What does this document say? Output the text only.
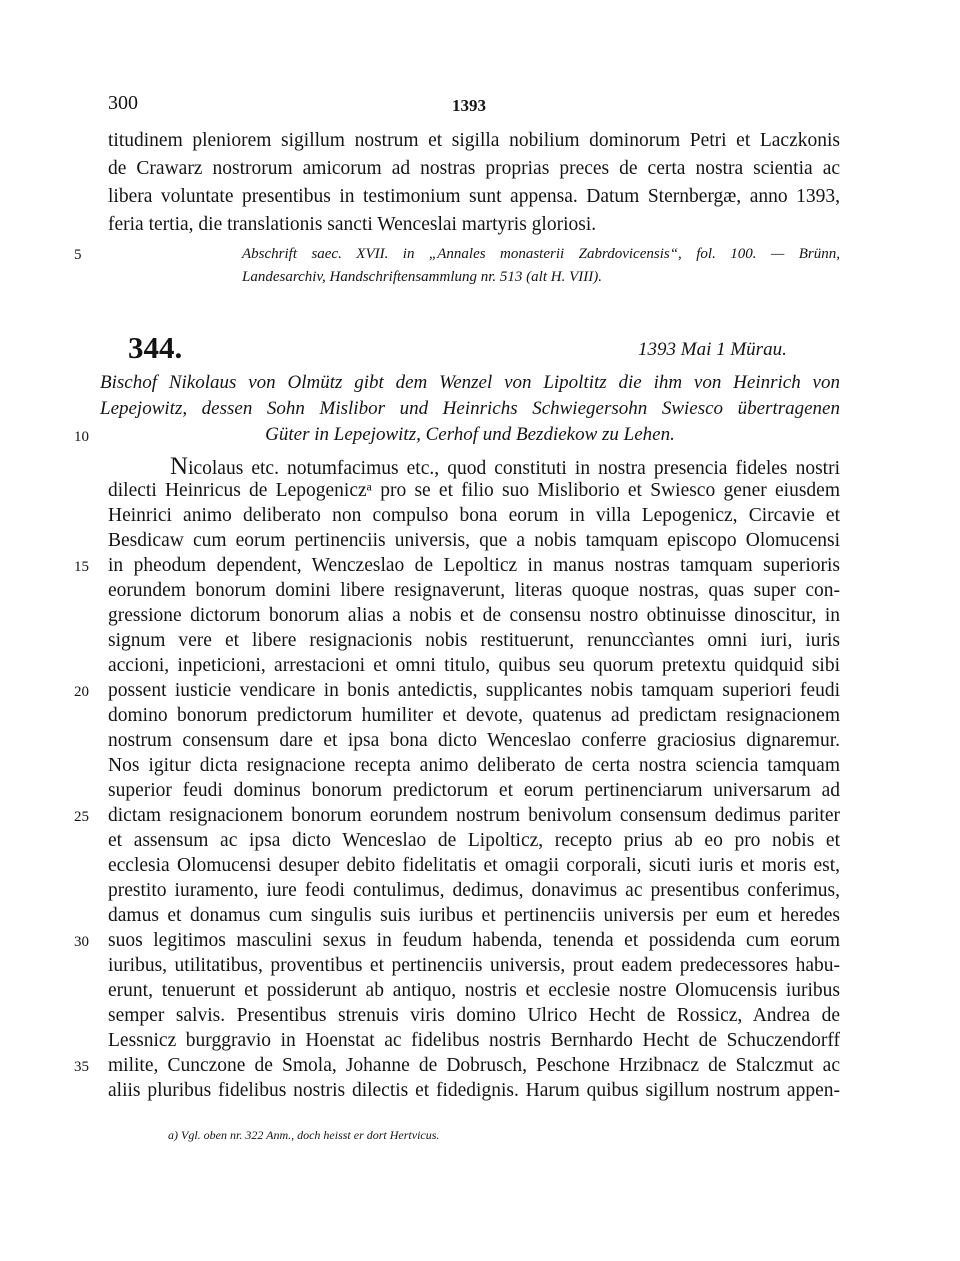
300	1393
titudinem pleniorem sigillum nostrum et sigilla nobilium dominorum Petri et Laczkonis
de Crawarz nostrorum amicorum ad nostras proprias preces de certa nostra scientia ac
libera voluntate presentibus in testimonium sunt appensa. Datum Sternbergæ, anno 1393,
feria tertia, die translationis sancti Wenceslai martyris gloriosi.
5	Abschrift saec. XVII. in „Annales monasterii Zabrdovicensis“, fol. 100. — Brünn,
Landesarchiv, Handschriftensammlung nr. 513 (alt H. VIII).
344.	1393 Mai 1 Mürau.
Bischof Nikolaus von Olmütz gibt dem Wenzel von Lipoltitz die ihm von Heinrich von
Lepejowitz, dessen Sohn Mislibor und Heinrichs Schwiegersohn Swiesco übertragenen
10	Güter in Lepejowitz, Cerhof und Bezdiekow zu Lehen.
Nicolaus etc. notumfacimus etc., quod constituti in nostra presencia fideles nostri
dilecti Heinricus de Lepogeniczᵃ pro se et filio suo Misliborio et Swiesco gener eiusdem
Heinrici animo deliberato non compulso bona eorum in villa Lepogenicz, Circavie et
Besdicaw cum eorum pertinenciis universis, que a nobis tamquam episcopo Olomucensi
15 in pheodum dependent, Wenczeslao de Lepolticz in manus nostras tamquam superioris
eorundem bonorum domini libere resignaverunt, literas quoque nostras, quas super con-
gressione dictorum bonorum alias a nobis et de consensu nostro obtinuisse dinoscitur, in
signum vere et libere resignacionis nobis restituerunt, renunccìantes omni iuri, iuris
accioni, inpeticioni, arrestacioni et omni titulo, quibus seu quorum pretextu quidquid sibi
20 possent iusticie vendicare in bonis antedictis, supplicantes nobis tamquam superiori feudi
domino bonorum predictorum humiliter et devote, quatenus ad predictam resignacionem
nostrum consensum dare et ipsa bona dicto Wenceslao conferre graciosius dignaremur.
Nos igitur dicta resignacione recepta animo deliberato de certa nostra sciencia tamquam
superior feudi dominus bonorum predictorum et eorum pertinenciarum universarum ad
25 dictam resignacionem bonorum eorundem nostrum benivolum consensum dedimus pariter
et assensum ac ipsa dicto Wenceslao de Lipolticz, recepto prius ab eo pro nobis et
ecclesia Olomucensi desuper debito fidelitatis et omagii corporali, sicuti iuris et moris est,
prestito iuramento, iure feodi contulimus, dedimus, donavimus ac presentibus conferimus,
damus et donamus cum singulis suis iuribus et pertinenciis universis per eum et heredes
30 suos legitimos masculini sexus in feudum habenda, tenenda et possidenda cum eorum
iuribus, utilitatibus, proventibus et pertinenciis universis, prout eadem predecessores habu-
erunt, tenuerunt et possiderunt ab antiquo, nostris et ecclesie nostre Olomucensis iuribus
semper salvis. Presentibus strenuis viris domino Ulrico Hecht de Rossicz, Andrea de
Lessnicz burggravio in Hoenstat ac fidelibus nostris Bernhardo Hecht de Schuczendorff
35 milite, Cunczone de Smola, Johanne de Dobrusch, Peschone Hrzibnacz de Stalczmut ac
aliis pluribus fidelibus nostris dilectis et fidedignis. Harum quibus sigillum nostrum appen-
a) Vgl. oben nr. 322 Anm., doch heisst er dort Hertvicus.
